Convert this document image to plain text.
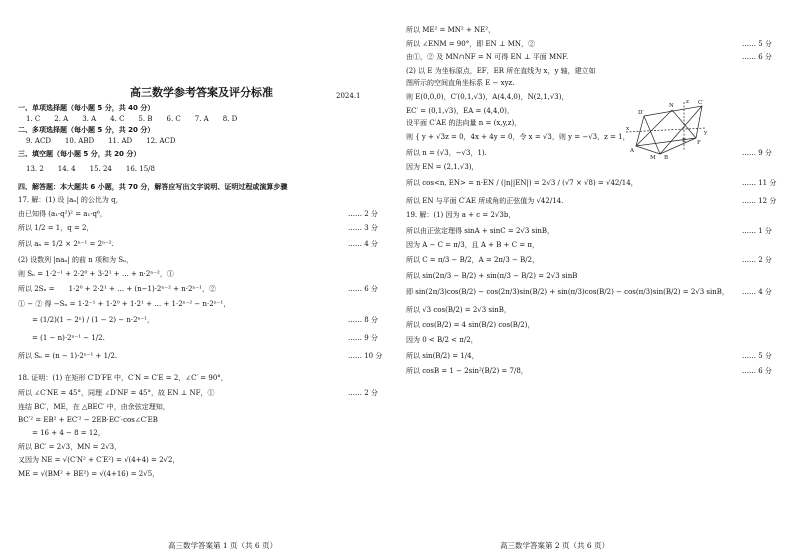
高三数学参考答案及评分标准	2024.1
一、单项选择题（每小题 5 分，共 40 分）
1. C　　2. A　　3. A　　4. C　　5. B　　6. C　　7. A　　8. D
二、多项选择题（每小题 5 分，共 20 分）
9. ACD　　10. ABD　　11. AD　　12. ACD
三、填空题（每小题 5 分，共 20 分）
13. 2　　14. 4　　15. 24　　16. 15/8
四、解答题：本大题共 6 小题，共 70 分，解答应写出文字说明、证明过程或演算步骤
17. 解：(1) 设 |aₙ| 的公比为 q，
由已知得 (a₁·q²)² = a₁·q⁶，	…… 2 分
所以 1/2 = 1，q = 2，	…… 3 分
所以 aₙ = 1/2 × 2ⁿ⁻¹ = 2ⁿ⁻².	…… 4 分
(2) 设数列 |naₙ| 的前 n 项和为 Sₙ，
则 Sₙ = 1·2⁻¹ + 2·2⁰ + 3·2¹ + … + n·2ⁿ⁻²，①
所以 2Sₙ =　　1·2⁰ + 2·2¹ + … + (n−1)·2ⁿ⁻² + n·2ⁿ⁻¹，②	…… 6 分
① − ② 得 −Sₙ = 1·2⁻¹ + 1·2⁰ + 1·2¹ + … + 1·2ⁿ⁻² − n·2ⁿ⁻¹，
　　= (1/2)(1 − 2ⁿ) / (1 − 2) − n·2ⁿ⁻¹，	…… 8 分
　　= (1 − n)·2ⁿ⁻¹ − 1/2.	…… 9 分
所以 Sₙ = (n − 1)·2ⁿ⁻¹ + 1/2.	…… 10 分
18. 证明：(1) 在矩形 C′D′FE 中，C′N = C′E = 2，∠C′ = 90°，
所以 ∠C′NE = 45°，同理 ∠D′NF = 45°，故 EN ⊥ NF，①	…… 2 分
连结 BC′，ME，在 △BEC′ 中，由余弦定理知，
BC′² = EB² + EC′² − 2EB·EC′·cos∠C′EB
　　= 16 + 4 − 8 = 12，
所以 BC′ = 2√3，MN = 2√3，
又因为 NE = √(C′N² + C′E²) = √(4+4) = 2√2，
ME = √(BM² + BE²) = √(4+16) = 2√5，
高三数学答案第 1 页（共 6 页）
所以 ME² = MN² + NE²，
所以 ∠ENM = 90°，即 EN ⊥ MN，②	…… 5 分
由①，② 及 MN∩NF = N 可得 EN ⊥ 平面 MNF.	…… 6 分
(2) 以 E 为坐标原点，EF，ER 所在直线为 x，y 轴，建立如
图所示的空间直角坐标系 E − xyz.
则 E(0,0,0)，C′(0,1,√3)，A(4,4,0)，N(2,1,√3)，
EC′ = (0,1,√3)，EA = (4,4,0)，
设平面 C′AE 的法向量 n = (x,y,z)，
则 { y + √3z = 0，4x + 4y = 0，令 x = √3，则 y = −√3，z = 1，
所以 n = (√3，−√3，1).	…… 9 分
因为 EN = (2,1,√3)，
所以 cos<n, EN> = n·EN / (|n||EN|) = 2√3 / (√7 × √8) = √42/14，	…… 11 分
所以 EN 与平面 C′AE 所成角的正弦值为 √42/14.	…… 12 分
19. 解：(1) 因为 a + c = 2√3b，
所以由正弦定理得 sinA + sinC = 2√3 sinB，	…… 1 分
因为 A − C = π/3，且 A + B + C = π，
所以 C = π/3 − B/2，A = 2π/3 − B/2，	…… 2 分
所以 sin(2π/3 − B/2) + sin(π/3 − B/2) = 2√3 sinB
即 sin(2π/3)cos(B/2) − cos(2π/3)sin(B/2) + sin(π/3)cos(B/2) − cos(π/3)sin(B/2) = 2√3 sinB， …… 4 分
所以 √3 cos(B/2) = 2√3 sinB，
所以 cos(B/2) = 4 sin(B/2) cos(B/2)，
因为 0 < B/2 < π/2，
所以 sin(B/2) = 1/4，	…… 5 分
所以 cosB = 1 − 2sin²(B/2) = 7/8，	…… 6 分
D′
N	C′
z
x
y
F
E
A
M B
高三数学答案第 2 页（共 6 页）
